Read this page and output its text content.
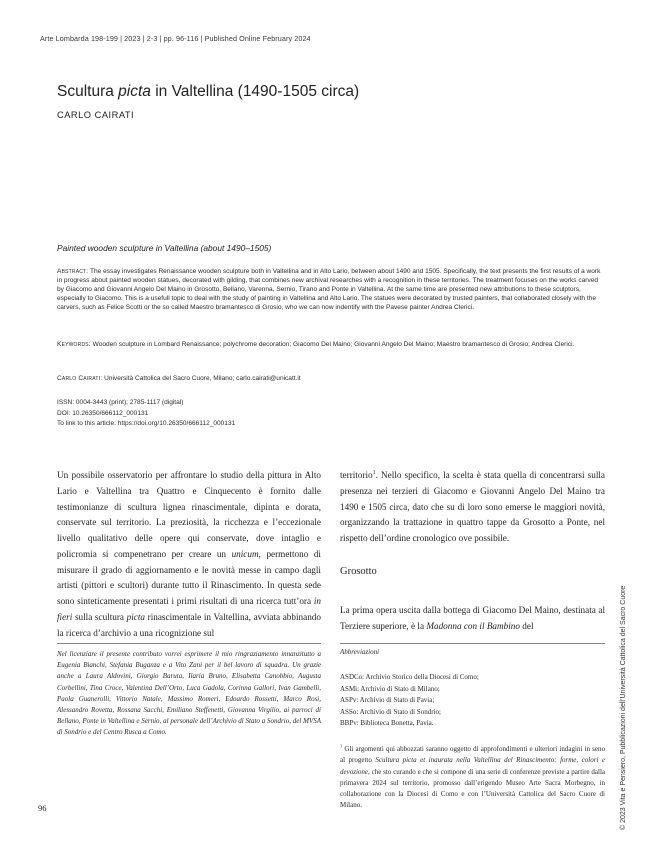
Arte Lombarda 198-199 | 2023 | 2-3 | pp. 96-116 | Published Online February 2024
Scultura picta in Valtellina (1490-1505 circa)
CARLO CAIRATI
Painted wooden sculpture in Valtellina (about 1490–1505)
Abstract: The essay investigates Renaissance wooden sculpture both in Valtellina and in Alto Lario, between about 1490 and 1505. Specifically, the text presents the first results of a work in progress about painted wooden statues, decorated with gilding, that combines new archival researches with a recognition in these territories. The treatment focuses on the works carved by Giacomo and Giovanni Angelo Del Maino in Grosotto, Bellano, Varenna, Sernio, Tirano and Ponte in Valtellina. At the same time are presented new attributions to these sculptors, especially to Giacomo. This is a usefull topic to deal with the study of painting in Valtellina and Alto Lario. The statues were decorated by trusted painters, that collaborated closely with the carvers, such as Felice Scotti or the so called Maestro bramantesco di Grosio, who we can now indentify with the Pavese painter Andrea Clerici.
Keywords: Wooden sculpture in Lombard Renaissance; polychrome decoration; Giacomo Del Maino; Giovanni Angelo Del Maino; Maestro bramantesco di Grosio; Andrea Clerici.
Carlo Cairati: Università Cattolica del Sacro Cuore, Milano; carlo.cairati@unicatt.it
ISSN: 0004-3443 (print); 2785-1117 (digital)
DOI: 10.26350/666112_000131
To link to this article: https://doi.org/10.26350/666112_000131
Un possibile osservatorio per affrontare lo studio della pittura in Alto Lario e Valtellina tra Quattro e Cinquecento è fornito dalle testimonianze di scultura lignea rinascimentale, dipinta e dorata, conservate sul territorio. La preziosità, la ricchezza e l’eccezionale livello qualitativo delle opere qui conservate, dove intaglio e policromia si compenetrano per creare un unicum, permettono di misurare il grado di aggiornamento e le novità messe in campo dagli artisti (pittori e scultori) durante tutto il Rinascimento. In questa sede sono sinteticamente presentati i primi risultati di una ricerca tutt’ora in fieri sulla scultura picta rinascimentale in Valtellina, avviata abbinando la ricerca d’archivio a una ricognizione sul
territorio$^1$. Nello specifico, la scelta è stata quella di concentrarsi sulla presenza nei terzieri di Giacomo e Giovanni Angelo Del Maino tra 1490 e 1505 circa, dato che su di loro sono emerse le maggiori novità, organizzando la trattazione in quattro tappe da Grosotto a Ponte, nel rispetto dell’ordine cronologico ove possibile.
Grosotto
La prima opera uscita dalla bottega di Giacomo Del Maino, destinata al Terziere superiore, è la Madonna con il Bambino del
Nel licenziare il presente contributo vorrei esprimere il mio ringraziamento innanzitutto a Eugenia Bianchi, Stefania Buganza e a Vito Zani per il bel lavoro di squadra. Un grazie anche a Laura Aldovini, Giorgio Baruta, Ilaria Bruno, Elisabetta Canobbio, Augusta Corbellini, Tina Croce, Valentina Dell’Orto, Luca Gadola, Corinna Gallori, Ivan Gambelli, Paola Guanerolli, Vittorio Natale, Massimo Romeri, Edoardo Rossetti, Marco Rosi, Alessandro Rovetta, Rossana Sacchi, Emiliano Steffenetti, Giovanna Virgilio, ai parroci di Bellano, Ponte in Valtellina e Sernio, al personale dell’Archivio di Stato a Sondrio, del MVSA di Sondrio e del Centro Rusca a Como.
Abbreviazioni
ASDCo: Archivio Storico della Diocesi di Como;
ASMi: Archivio di Stato di Milano;
ASPv: Archivio di Stato di Pavia;
ASSo: Archivio di Stato di Sondrio;
BBPv: Biblioteca Bonetta, Pavia.
$^1$ Gli argomenti qui abbozzati saranno oggetto di approfondimenti e ulteriori indagini in seno al progetto Scultura picta et inaurata nella Valtellina del Rinascimento: forme, colori e devozione, che sto curando e che si compone di una serie di conferenze previste a partire dalla primavera 2024 sul territorio, promosso dall’erigendo Museo Arte Sacra Morbegno, in collaborazione con la Diocesi di Como e con l’Università Cattolica del Sacro Cuore di Milano.
96	© 2023 Vita e Pensiero, Pubblicazioni dell’Università Cattolica del Sacro Cuore
